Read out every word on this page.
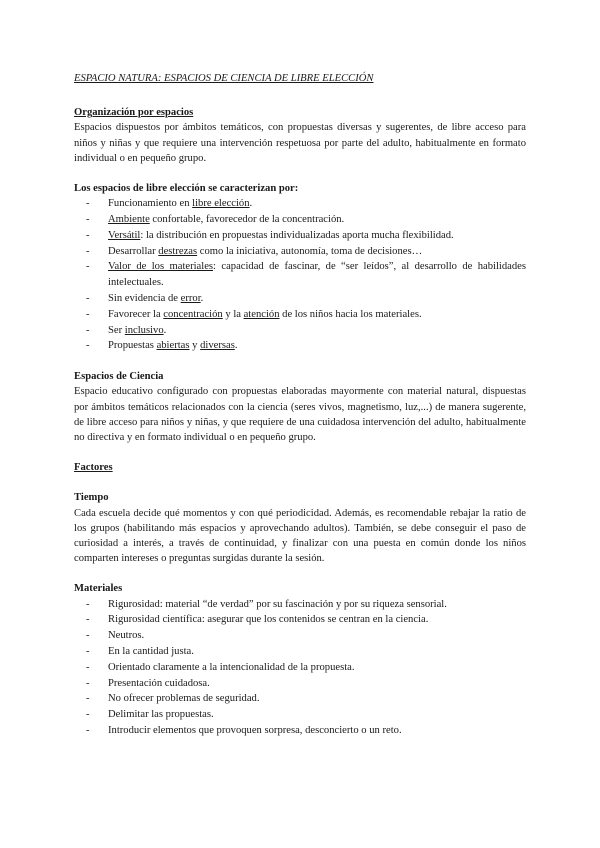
ESPACIO NATURA: ESPACIOS DE CIENCIA DE LIBRE ELECCIÓN
Organización por espacios

Espacios dispuestos por ámbitos temáticos, con propuestas diversas y sugerentes, de libre acceso para niños y niñas y que requiere una intervención respetuosa por parte del adulto, habitualmente en formato individual o en pequeño grupo.

Los espacios de libre elección se caracterizan por:
- Funcionamiento en libre elección.
- Ambiente confortable, favorecedor de la concentración.
- Versátil: la distribución en propuestas individualizadas aporta mucha flexibilidad.
- Desarrollar destrezas como la iniciativa, autonomía, toma de decisiones…
- Valor de los materiales: capacidad de fascinar, de “ser leídos”, al desarrollo de habilidades intelectuales.
- Sin evidencia de error.
- Favorecer la concentración y la atención de los niños hacia los materiales.
- Ser inclusivo.
- Propuestas abiertas y diversas.
Espacios de Ciencia

Espacio educativo configurado con propuestas elaboradas mayormente con material natural, dispuestas por ámbitos temáticos relacionados con la ciencia (seres vivos, magnetismo, luz,...) de manera sugerente, de libre acceso para niños y niñas, y que requiere de una cuidadosa intervención del adulto, habitualmente no directiva y en formato individual o en pequeño grupo.

Factores
Tiempo

Cada escuela decide qué momentos y con qué periodicidad. Además, es recomendable rebajar la ratio de los grupos (habilitando más espacios y aprovechando adultos). También, se debe conseguir el paso de curiosidad a interés, a través de continuidad, y finalizar con una puesta en común donde los niños comparten intereses o preguntas surgidas durante la sesión.

Materiales
- Rigurosidad: material “de verdad” por su fascinación y por su riqueza sensorial.
- Rigurosidad científica: asegurar que los contenidos se centran en la ciencia.
- Neutros.
- En la cantidad justa.
- Orientado claramente a la intencionalidad de la propuesta.
- Presentación cuidadosa.
- No ofrecer problemas de seguridad.
- Delimitar las propuestas.
- Introducir elementos que provoquen sorpresa, desconcierto o un reto.
